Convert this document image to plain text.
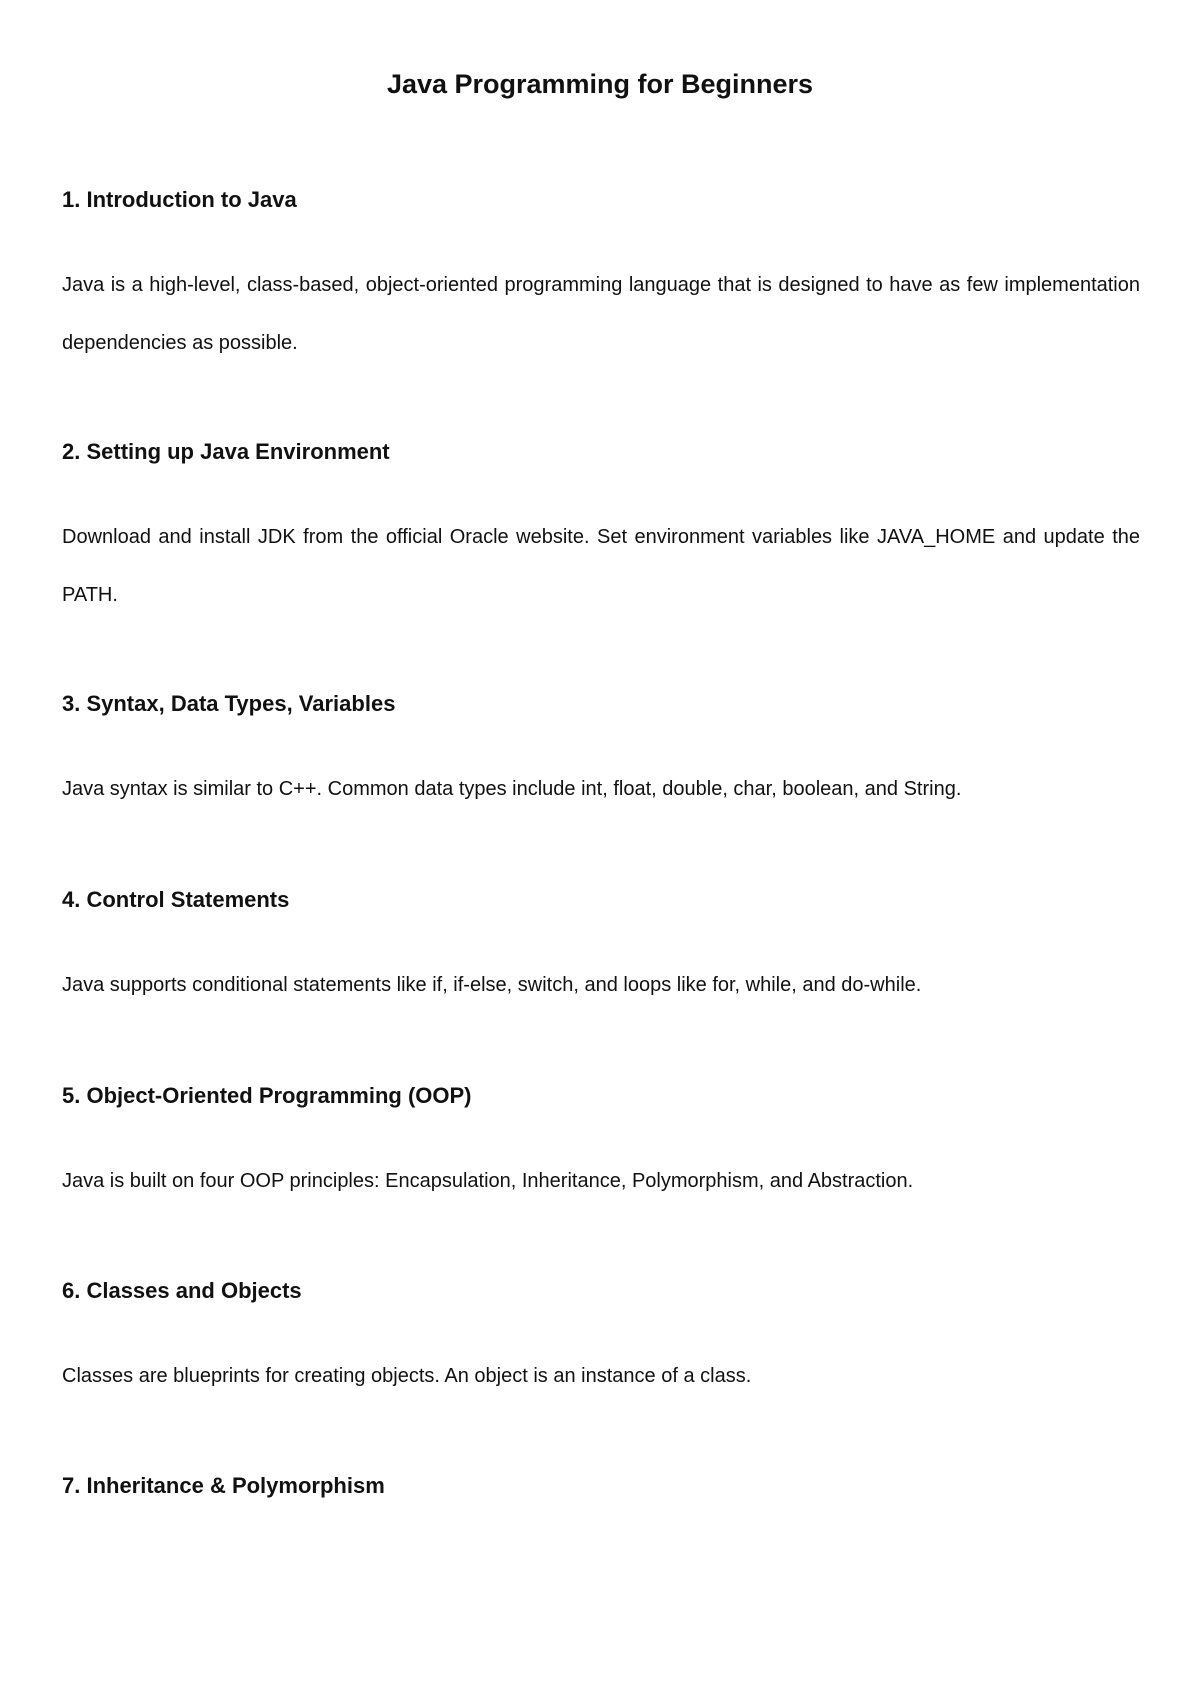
Java Programming for Beginners
1. Introduction to Java

Java is a high-level, class-based, object-oriented programming language that is designed to have as few implementation dependencies as possible.

2. Setting up Java Environment

Download and install JDK from the official Oracle website. Set environment variables like JAVA_HOME and update the PATH.

3. Syntax, Data Types, Variables

Java syntax is similar to C++. Common data types include int, float, double, char, boolean, and String.

4. Control Statements

Java supports conditional statements like if, if-else, switch, and loops like for, while, and do-while.

5. Object-Oriented Programming (OOP)

Java is built on four OOP principles: Encapsulation, Inheritance, Polymorphism, and Abstraction.

6. Classes and Objects

Classes are blueprints for creating objects. An object is an instance of a class.

7. Inheritance & Polymorphism
